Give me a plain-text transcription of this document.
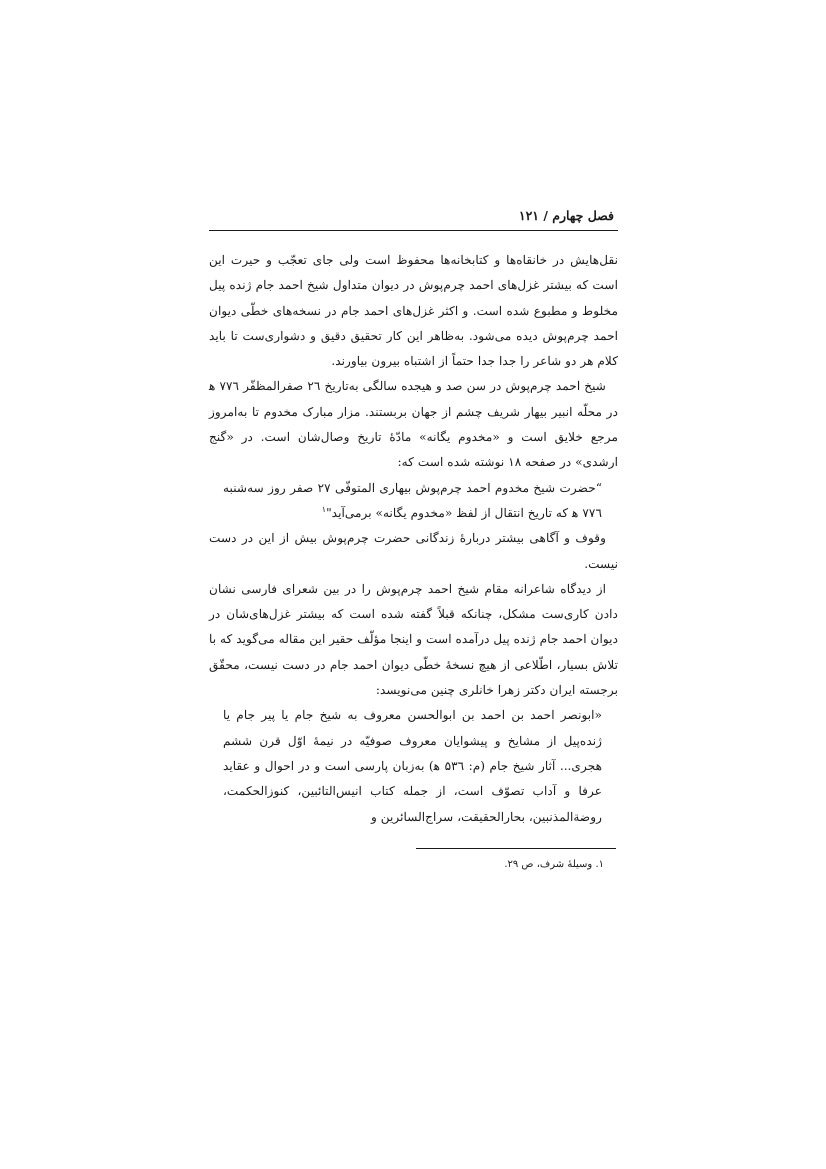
فصل چهارم / ۱۲۱

نقل‌هایش در خانقاه‌ها و کتابخانه‌ها محفوظ است ولی جای تعجّب و حیرت این است که بیشتر غزل‌های احمد چرم‌پوش در دیوان متداول شیخ احمد جام ژنده پیل مخلوط و مطبوع شده است. و اکثر غزل‌های احمد جام در نسخه‌های خطّی دیوان احمد چرم‌پوش دیده می‌شود. به‌ظاهر این کار تحقیق دقیق و دشواری‌ست تا باید کلام هر دو شاعر را جدا جدا حتماً از اشتباه بیرون بیاورند.

شیخ احمد چرم‌پوش در سن صد و هیجده سالگی به‌تاریخ ۲٦ صفرالمظفّر ۷۷٦ ﻫ در محلّه انبیر بیهار شریف چشم از جهان بربستند. مزار مبارک مخدوم تا به‌امروز مرجع خلایق است و «مخدوم یگانه» مادّهٔ تاریخ وصال‌شان است. در «گنج ارشدی» در صفحه ۱۸ نوشته شده است که:

“حضرت شیخ مخدوم احمد چرم‌پوش بیهاری المتوفّی ۲۷ صفر روز سه‌شنبه ۷۷٦ ﻫ که تاریخ انتقال از لفظ «مخدوم یگانه» برمی‌آید"$^۱$

وقوف و آگاهی بیشتر دربارهٔ زندگانی حضرت چرم‌پوش بیش از این در دست نیست.

از دیدگاه شاعرانه مقام شیخ احمد چرم‌پوش را در بین شعرای فارسی نشان دادن کاری‌ست مشکل، چنانکه قبلاً گفته شده است که بیشتر غزل‌های‌شان در دیوان احمد جام ژنده پیل درآمده است و اینجا مؤلّف حقیر این مقاله می‌گوید که با تلاش بسیار، اطّلاعی از هیچ نسخهٔ خطّی دیوان احمد جام در دست نیست، محقّق برجسته ایران دکتر زهرا خانلری چنین می‌نویسد:

«ابونصر احمد بن احمد بن ابوالحسن معروف به شیخ جام یا پیر جام یا ژنده‌پیل از مشایخ و پیشوایان معروف صوفیّه در نیمهٔ اوّل قرن ششم هجری... آثار شیخ جام (م: ۵۳٦ ﻫ) به‌زبان پارسی است و در احوال و عقاید عرفا و آداب تصوّف است، از جمله کتاب انیس‌التائبین، کنوزالحکمت، روضة‌المذنبین، بحارالحقیقت، سراج‌السائرین و

۱. وسیلهٔ شرف، ص ۲۹.
